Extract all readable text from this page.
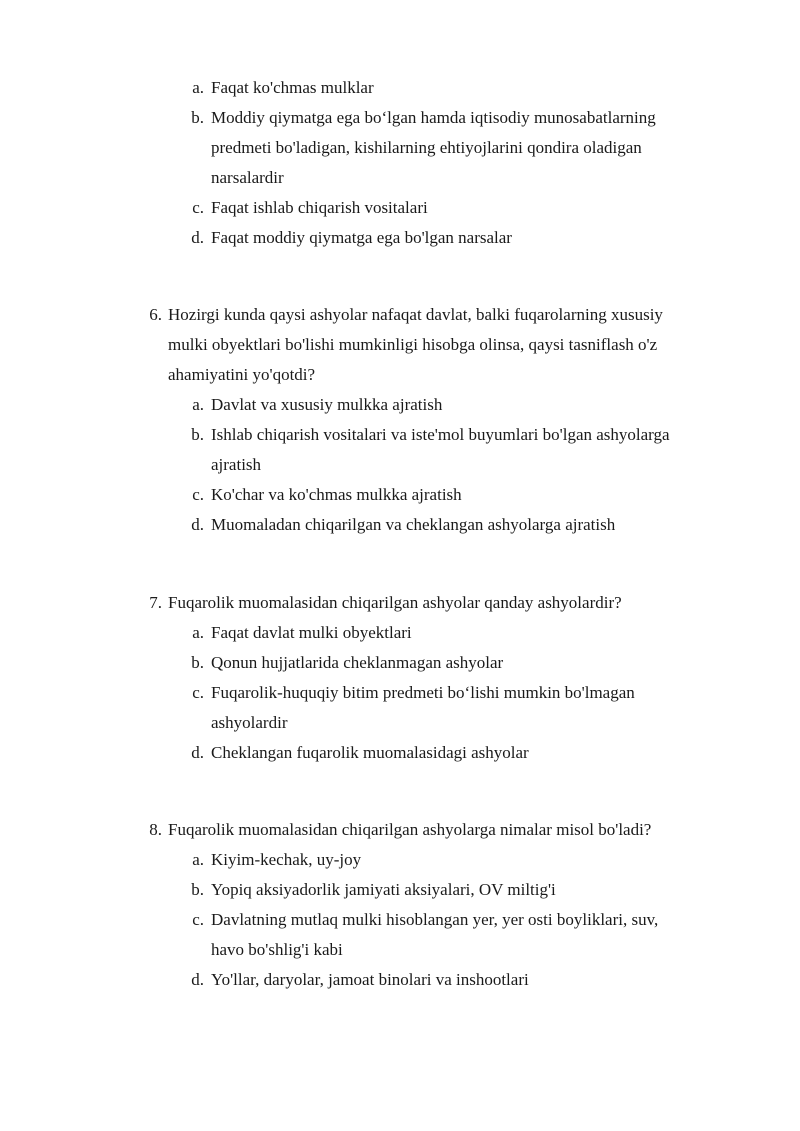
a. Faqat ko'chmas mulklar
b. Moddiy qiymatga ega bo‘lgan hamda iqtisodiy munosabatlarning
predmeti bo'ladigan, kishilarning ehtiyojlarini qondira oladigan
narsalardir
c. Faqat ishlab chiqarish vositalari
d. Faqat moddiy qiymatga ega bo'lgan narsalar
6. Hozirgi kunda qaysi ashyolar nafaqat davlat, balki fuqarolarning xususiy
mulki obyektlari bo'lishi mumkinligi hisobga olinsa, qaysi tasniflash o'z
ahamiyatini yo'qotdi?
a. Davlat va xususiy mulkka ajratish
b. Ishlab chiqarish vositalari va iste'mol buyumlari bo'lgan ashyolarga
ajratish
c. Ko'char va ko'chmas mulkka ajratish
d. Muomaladan chiqarilgan va cheklangan ashyolarga ajratish
7. Fuqarolik muomalasidan chiqarilgan ashyolar qanday ashyolardir?
a. Faqat davlat mulki obyektlari
b. Qonun hujjatlarida cheklanmagan ashyolar
c. Fuqarolik-huquqiy bitim predmeti bo‘lishi mumkin bo'lmagan
ashyolardir
d. Cheklangan fuqarolik muomalasidagi ashyolar
8. Fuqarolik muomalasidan chiqarilgan ashyolarga nimalar misol bo'ladi?
a. Kiyim-kechak, uy-joy
b. Yopiq aksiyadorlik jamiyati aksiyalari, OV miltig'i
c. Davlatning mutlaq mulki hisoblangan yer, yer osti boyliklari, suv,
havo bo'shlig'i kabi
d. Yo'llar, daryolar, jamoat binolari va inshootlari
